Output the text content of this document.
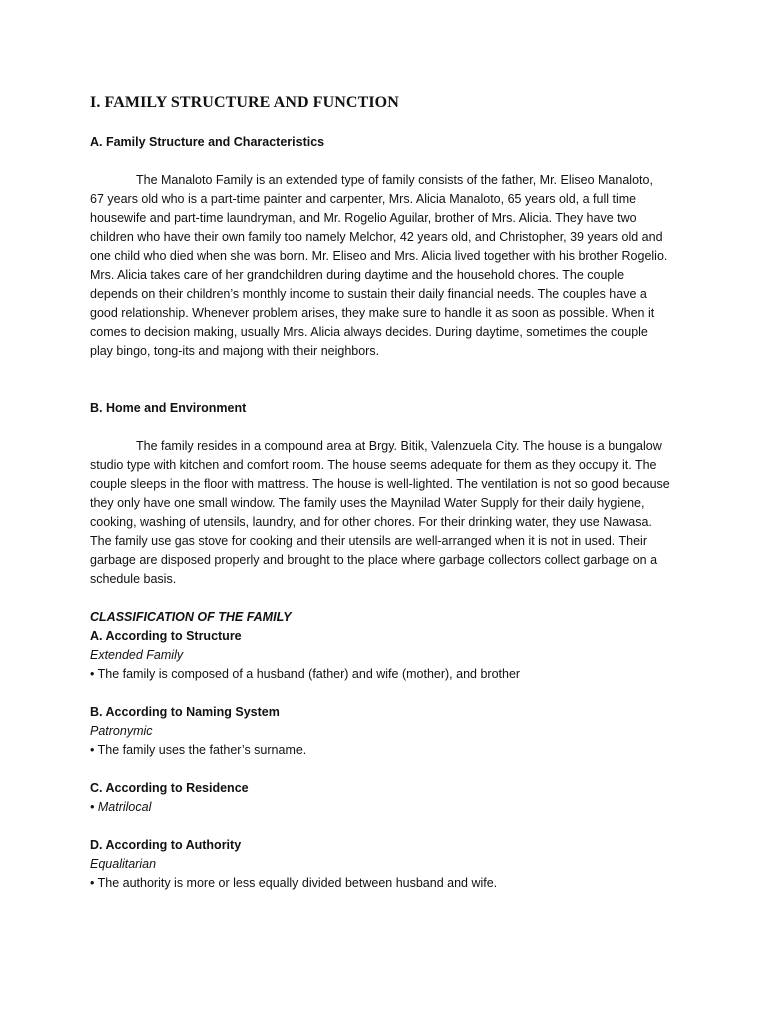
I. FAMILY STRUCTURE AND FUNCTION

A. Family Structure and Characteristics

The Manaloto Family is an extended type of family consists of the father, Mr. Eliseo Manaloto, 67 years old who is a part-time painter and carpenter, Mrs. Alicia Manaloto, 65 years old, a full time housewife and part-time laundryman, and Mr. Rogelio Aguilar, brother of Mrs. Alicia. They have two children who have their own family too namely Melchor, 42 years old, and Christopher, 39 years old and one child who died when she was born. Mr. Eliseo and Mrs. Alicia lived together with his brother Rogelio. Mrs. Alicia takes care of her grandchildren during daytime and the household chores. The couple depends on their children’s monthly income to sustain their daily financial needs. The couples have a good relationship. Whenever problem arises, they make sure to handle it as soon as possible. When it comes to decision making, usually Mrs. Alicia always decides. During daytime, sometimes the couple play bingo, tong-its and majong with their neighbors.

B. Home and Environment

The family resides in a compound area at Brgy. Bitik, Valenzuela City. The house is a bungalow studio type with kitchen and comfort room. The house seems adequate for them as they occupy it. The couple sleeps in the floor with mattress. The house is well-lighted. The ventilation is not so good because they only have one small window. The family uses the Maynilad Water Supply for their daily hygiene, cooking, washing of utensils, laundry, and for other chores. For their drinking water, they use Nawasa.

The family use gas stove for cooking and their utensils are well-arranged when it is not in used. Their garbage are disposed properly and brought to the place where garbage collectors collect garbage on a schedule basis.

CLASSIFICATION OF THE FAMILY

A. According to Structure

Extended Family

• The family is composed of a husband (father) and wife (mother), and brother

B. According to Naming System

Patronymic

• The family uses the father’s surname.

C. According to Residence

• Matrilocal

D. According to Authority

Equalitarian

• The authority is more or less equally divided between husband and wife.
